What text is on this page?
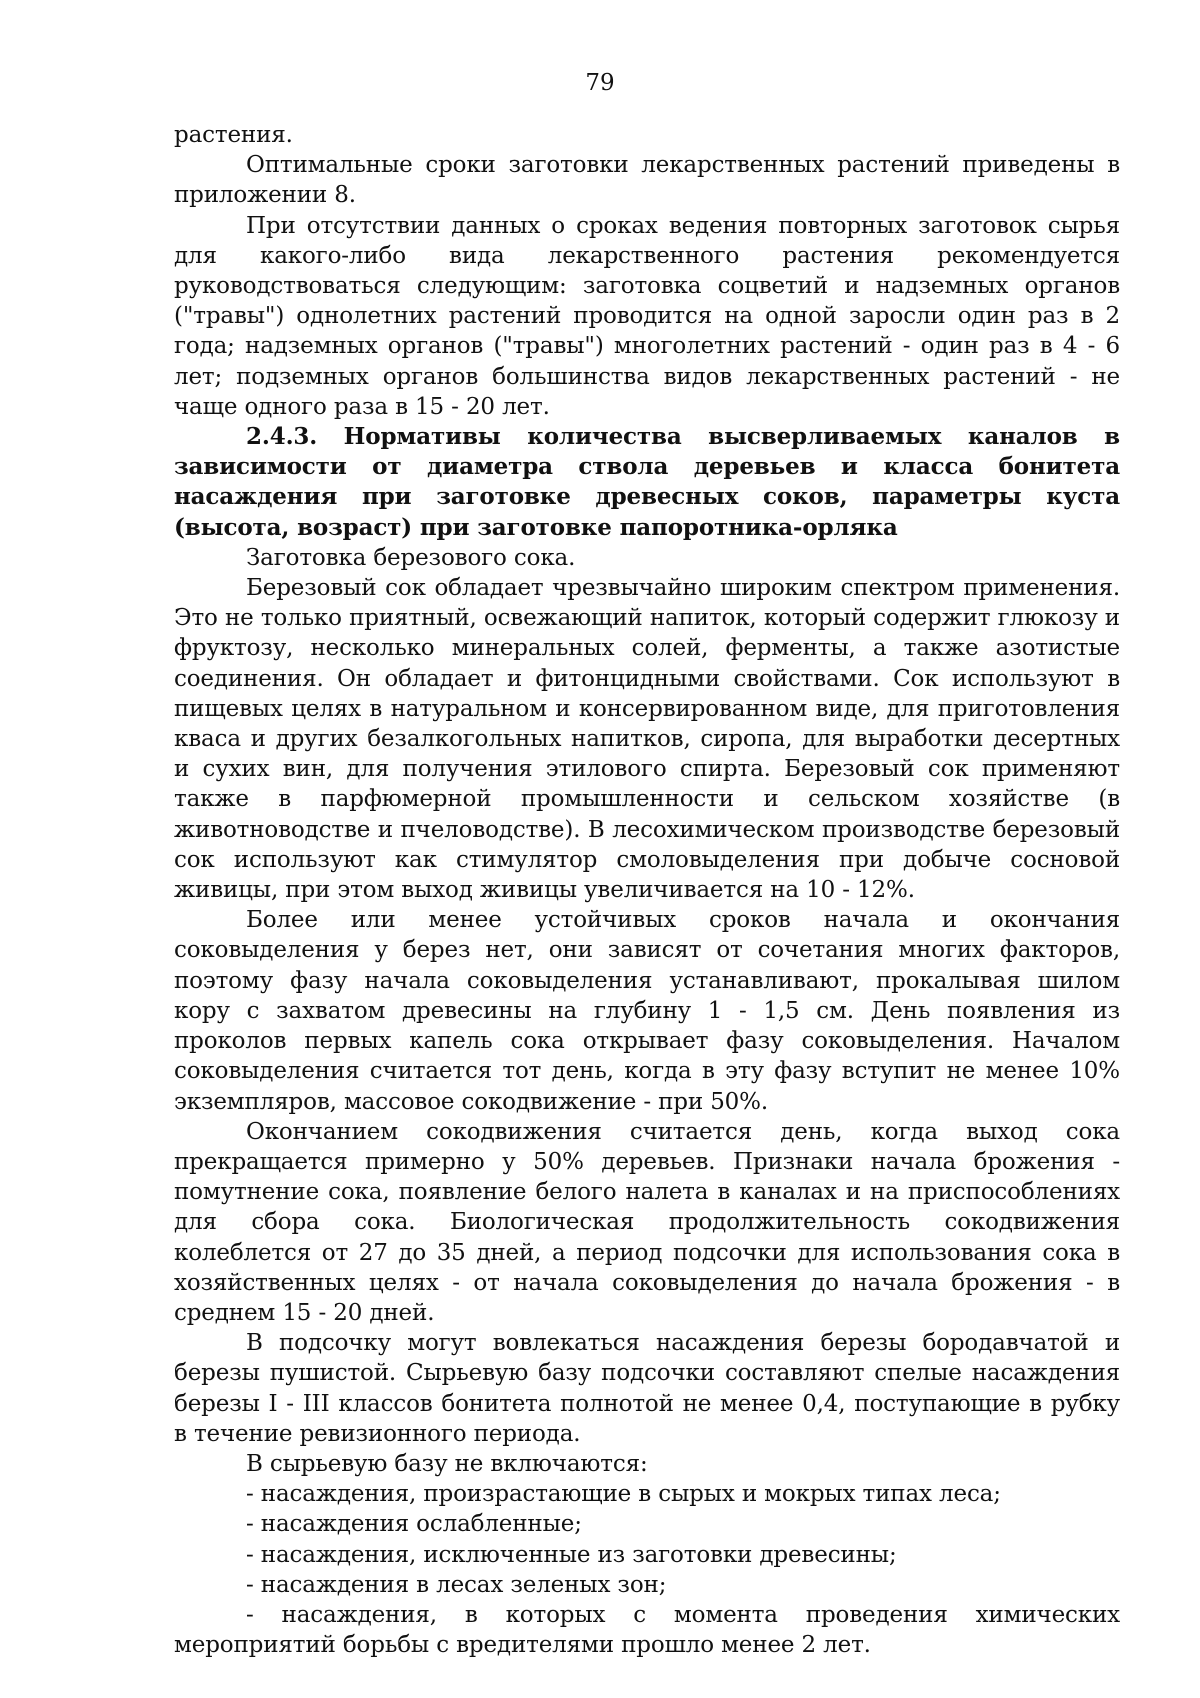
79

растения.

Оптимальные сроки заготовки лекарственных растений приведены в приложении 8.

При отсутствии данных о сроках ведения повторных заготовок сырья для какого-либо вида лекарственного растения рекомендуется руководствоваться следующим: заготовка соцветий и надземных органов ("травы") однолетних растений проводится на одной заросли один раз в 2 года; надземных органов ("травы") многолетних растений - один раз в 4 - 6 лет; подземных органов большинства видов лекарственных растений - не чаще одного раза в 15 - 20 лет.

2.4.3. Нормативы количества высверливаемых каналов в зависимости от диаметра ствола деревьев и класса бонитета насаждения при заготовке древесных соков, параметры куста (высота, возраст) при заготовке папоротника-орляка

Заготовка березового сока.

Березовый сок обладает чрезвычайно широким спектром применения. Это не только приятный, освежающий напиток, который содержит глюкозу и фруктозу, несколько минеральных солей, ферменты, а также азотистые соединения. Он обладает и фитонцидными свойствами. Сок используют в пищевых целях в натуральном и консервированном виде, для приготовления кваса и других безалкогольных напитков, сиропа, для выработки десертных и сухих вин, для получения этилового спирта. Березовый сок применяют также в парфюмерной промышленности и сельском хозяйстве (в животноводстве и пчеловодстве). В лесохимическом производстве березовый сок используют как стимулятор смоловыделения при добыче сосновой живицы, при этом выход живицы увеличивается на 10 - 12%.

Более или менее устойчивых сроков начала и окончания соковыделения у берез нет, они зависят от сочетания многих факторов, поэтому фазу начала соковыделения устанавливают, прокалывая шилом кору с захватом древесины на глубину 1 - 1,5 см. День появления из проколов первых капель сока открывает фазу соковыделения. Началом соковыделения считается тот день, когда в эту фазу вступит не менее 10% экземпляров, массовое сокодвижение - при 50%.

Окончанием сокодвижения считается день, когда выход сока прекращается примерно у 50% деревьев. Признаки начала брожения - помутнение сока, появление белого налета в каналах и на приспособлениях для сбора сока. Биологическая продолжительность сокодвижения колеблется от 27 до 35 дней, а период подсочки для использования сока в хозяйственных целях - от начала соковыделения до начала брожения - в среднем 15 - 20 дней.

В подсочку могут вовлекаться насаждения березы бородавчатой и березы пушистой. Сырьевую базу подсочки составляют спелые насаждения березы I - III классов бонитета полнотой не менее 0,4, поступающие в рубку в течение ревизионного периода.

В сырьевую базу не включаются:

- насаждения, произрастающие в сырых и мокрых типах леса;

- насаждения ослабленные;

- насаждения, исключенные из заготовки древесины;

- насаждения в лесах зеленых зон;

- насаждения, в которых с момента проведения химических мероприятий борьбы с вредителями прошло менее 2 лет.
